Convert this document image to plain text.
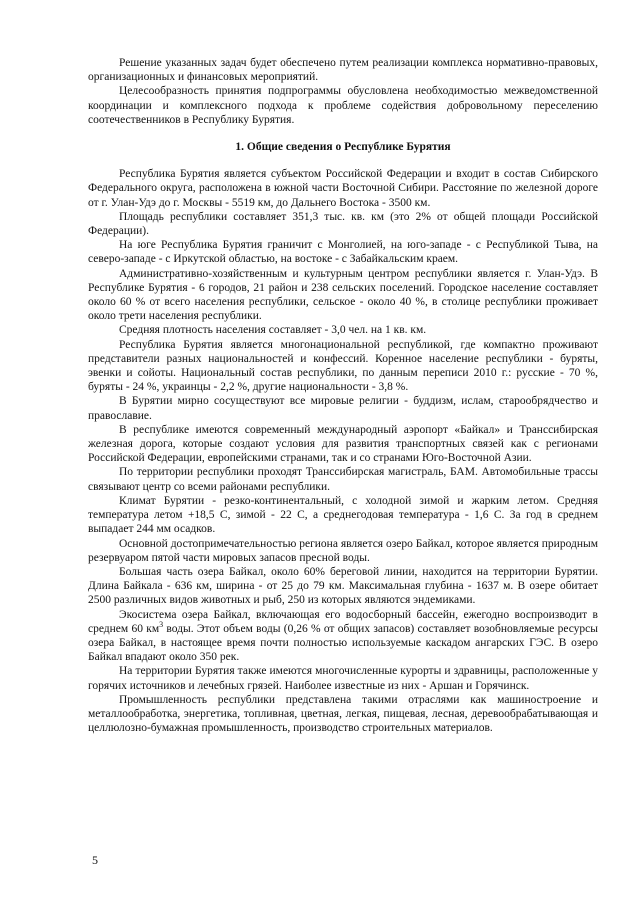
Решение указанных задач будет обеспечено путем реализации комплекса нормативно-правовых, организационных и финансовых мероприятий.

Целесообразность принятия подпрограммы обусловлена необходимостью межведомственной координации и комплексного подхода к проблеме содействия добровольному переселению соотечественников в Республику Бурятия.

1. Общие сведения о Республике Бурятия

Республика Бурятия является субъектом Российской Федерации и входит в состав Сибирского Федерального округа, расположена в южной части Восточной Сибири. Расстояние по железной дороге от г. Улан-Удэ до г. Москвы - 5519 км, до Дальнего Востока - 3500 км.

Площадь республики составляет 351,3 тыс. кв. км (это 2% от общей площади Российской Федерации).

На юге Республика Бурятия граничит с Монголией, на юго-западе - с Республикой Тыва, на северо-западе - с Иркутской областью, на востоке - с Забайкальским краем.

Административно-хозяйственным и культурным центром республики является г. Улан-Удэ. В Республике Бурятия - 6 городов, 21 район и 238 сельских поселений. Городское население составляет около 60 % от всего населения республики, сельское - около 40 %, в столице республики проживает около трети населения республики.

Средняя плотность населения составляет - 3,0 чел. на 1 кв. км.

Республика Бурятия является многонациональной республикой, где компактно проживают представители разных национальностей и конфессий. Коренное население республики - буряты, эвенки и сойоты. Национальный состав республики, по данным переписи 2010 г.: русские - 70 %, буряты - 24 %, украинцы - 2,2 %, другие национальности - 3,8 %.

В Бурятии мирно сосуществуют все мировые религии - буддизм, ислам, старообрядчество и православие.

В республике имеются современный международный аэропорт «Байкал» и Транссибирская железная дорога, которые создают условия для развития транспортных связей как с регионами Российской Федерации, европейскими странами, так и со странами Юго-Восточной Азии.

По территории республики проходят Транссибирская магистраль, БАМ. Автомобильные трассы связывают центр со всеми районами республики.

Климат Бурятии - резко-континентальный, с холодной зимой и жарким летом. Средняя температура летом +18,5 С, зимой - 22 С, а среднегодовая температура - 1,6 С. За год в среднем выпадает 244 мм осадков.

Основной достопримечательностью региона является озеро Байкал, которое является природным резервуаром пятой части мировых запасов пресной воды.

Большая часть озера Байкал, около 60% береговой линии, находится на территории Бурятии. Длина Байкала - 636 км, ширина - от 25 до 79 км. Максимальная глубина - 1637 м. В озере обитает 2500 различных видов животных и рыб, 250 из которых являются эндемиками.

Экосистема озера Байкал, включающая его водосборный бассейн, ежегодно воспроизводит в среднем 60 $км^3$ воды. Этот объем воды (0,26 % от общих запасов) составляет возобновляемые ресурсы озера Байкал, в настоящее время почти полностью используемые каскадом ангарских ГЭС. В озеро Байкал впадают около 350 рек.

На территории Бурятия также имеются многочисленные курорты и здравницы, расположенные у горячих источников и лечебных грязей. Наиболее известные из них - Аршан и Горячинск.

Промышленность республики представлена такими отраслями как машиностроение и металлообработка, энергетика, топливная, цветная, легкая, пищевая, лесная, деревообрабатывающая и целлюлозно-бумажная промышленность, производство строительных материалов.

5
